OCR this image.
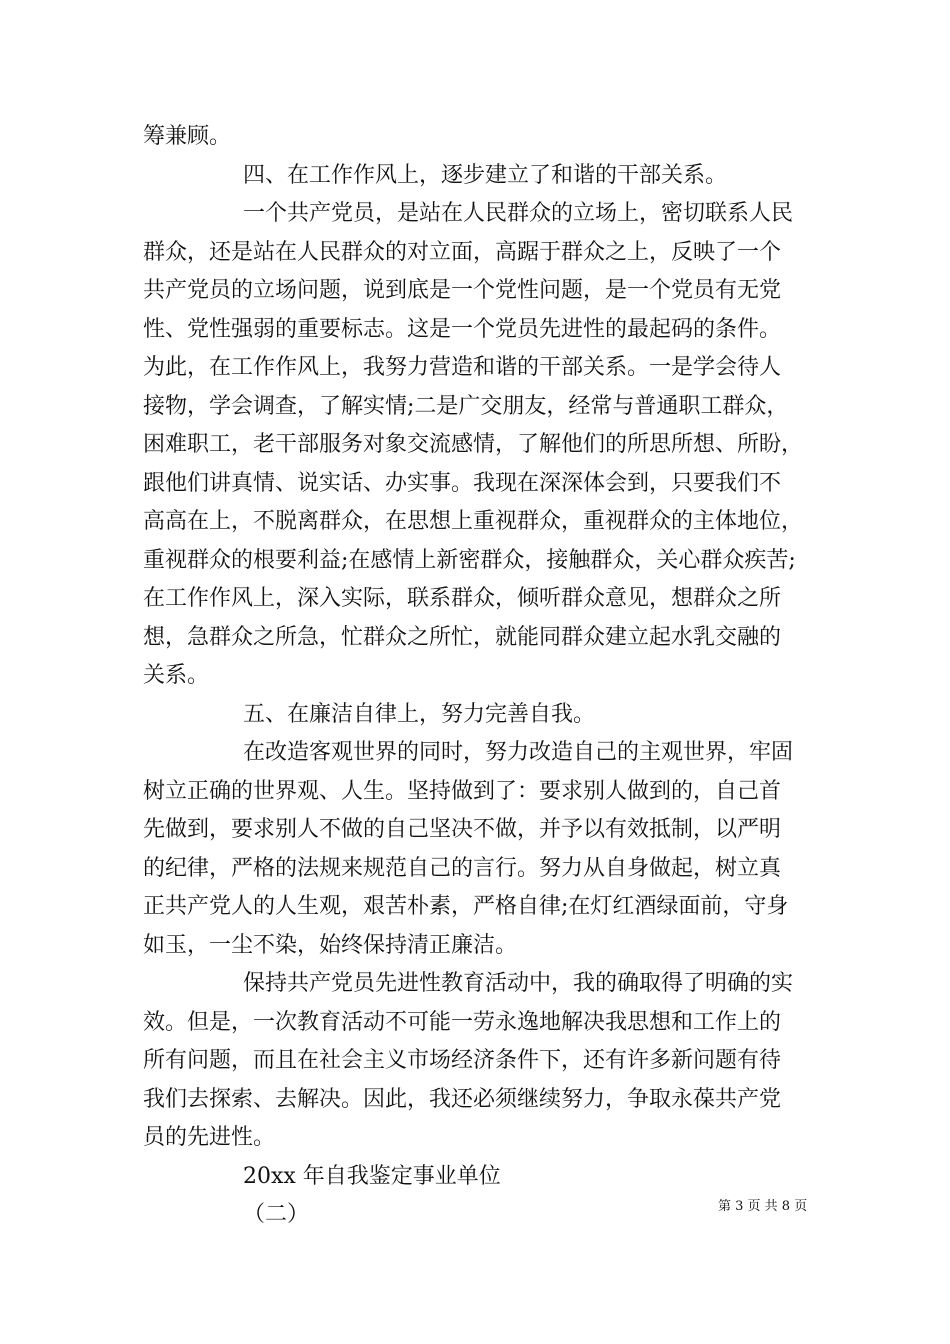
筹兼顾。
四、在工作作风上，逐步建立了和谐的干部关系。
一个共产党员，是站在人民群众的立场上，密切联系人民
群众，还是站在人民群众的对立面，高踞于群众之上，反映了一个
共产党员的立场问题，说到底是一个党性问题，是一个党员有无党
性、党性强弱的重要标志。这是一个党员先进性的最起码的条件。
为此，在工作作风上，我努力营造和谐的干部关系。一是学会待人
接物，学会调查，了解实情;二是广交朋友，经常与普通职工群众，
困难职工，老干部服务对象交流感情，了解他们的所思所想、所盼，
跟他们讲真情、说实话、办实事。我现在深深体会到，只要我们不
高高在上，不脱离群众，在思想上重视群众，重视群众的主体地位，
重视群众的根要利益;在感情上新密群众，接触群众，关心群众疾苦;
在工作作风上，深入实际，联系群众，倾听群众意见，想群众之所
想，急群众之所急，忙群众之所忙，就能同群众建立起水乳交融的
关系。
五、在廉洁自律上，努力完善自我。
在改造客观世界的同时，努力改造自己的主观世界，牢固
树立正确的世界观、人生。坚持做到了：要求别人做到的，自己首
先做到，要求别人不做的自己坚决不做，并予以有效抵制，以严明
的纪律，严格的法规来规范自己的言行。努力从自身做起，树立真
正共产党人的人生观，艰苦朴素，严格自律;在灯红酒绿面前，守身
如玉，一尘不染，始终保持清正廉洁。
保持共产党员先进性教育活动中，我的确取得了明确的实
效。但是，一次教育活动不可能一劳永逸地解决我思想和工作上的
所有问题，而且在社会主义市场经济条件下，还有许多新问题有待
我们去探索、去解决。因此，我还必须继续努力，争取永葆共产党
员的先进性。
20xx 年自我鉴定事业单位
（二）	第 3 页 共 8 页
